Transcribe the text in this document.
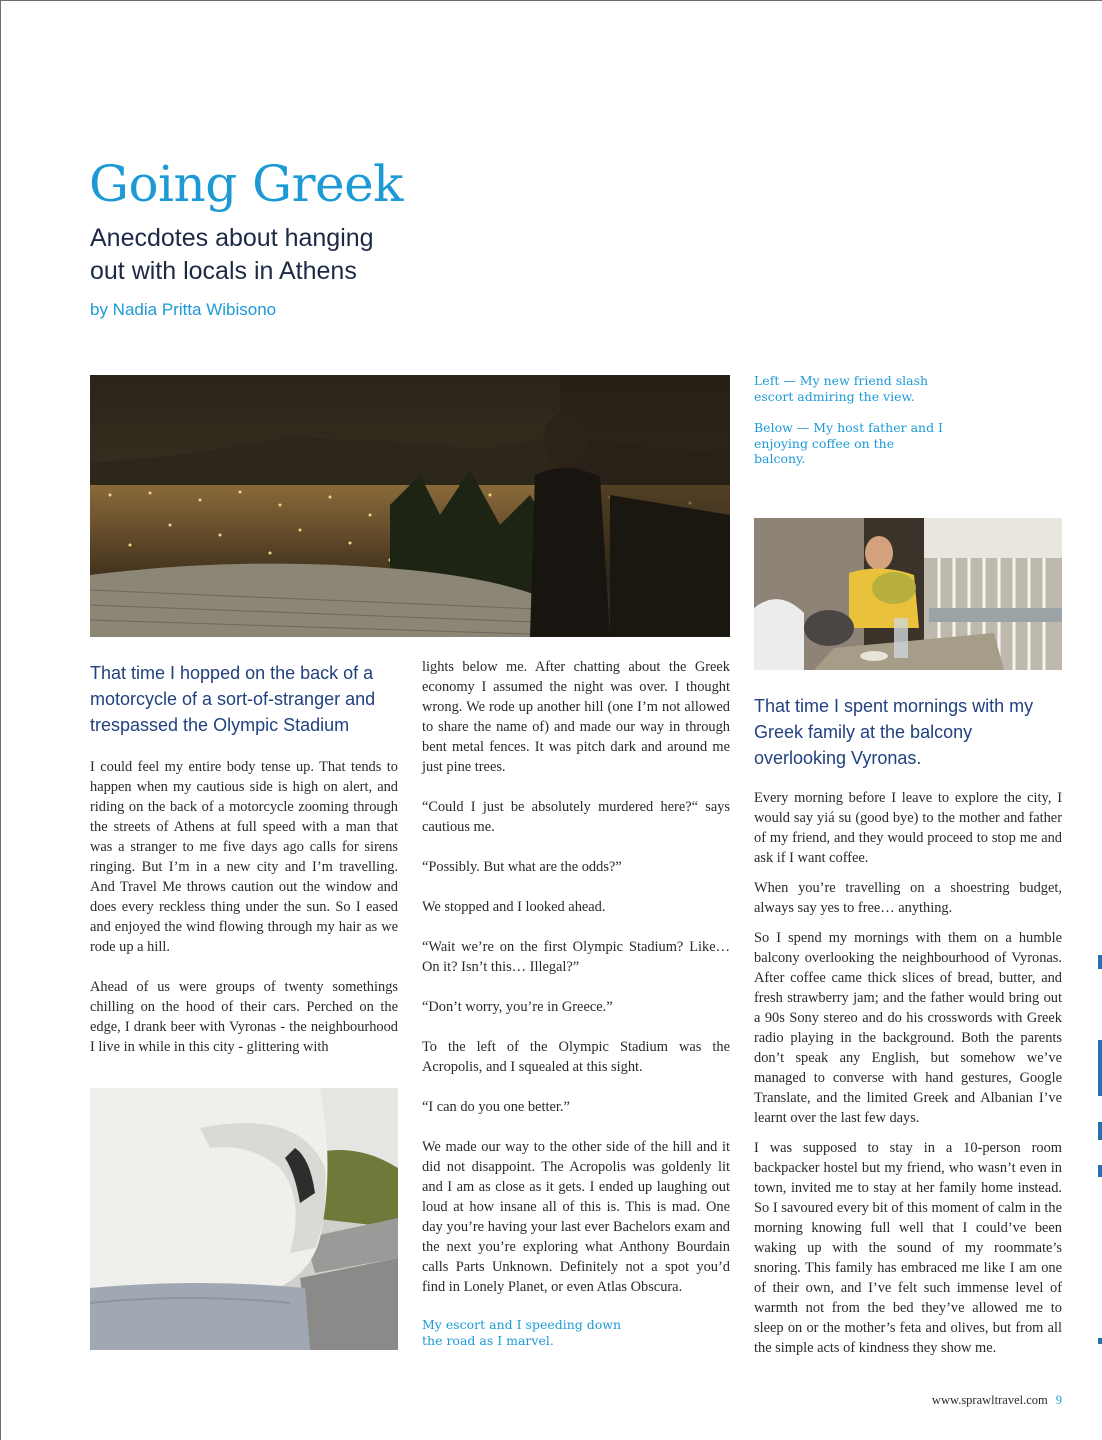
Going Greek
Anecdotes about hanging out with locals in Athens
by Nadia Pritta Wibisono

Left — My new friend slash escort admiring the view.

Below — My host father and I enjoying coffee on the balcony.

That time I hopped on the back of a motorcycle of a sort-of-stranger and trespassed the Olympic Stadium

I could feel my entire body tense up. That tends to happen when my cautious side is high on alert, and riding on the back of a motorcycle zooming through the streets of Athens at full speed with a man that was a stranger to me five days ago calls for sirens ringing. But I’m in a new city and I’m travelling. And Travel Me throws caution out the window and does every reckless thing under the sun. So I eased and enjoyed the wind flowing through my hair as we rode up a hill.

Ahead of us were groups of twenty somethings chilling on the hood of their cars. Perched on the edge, I drank beer with Vyronas - the neighbourhood I live in while in this city - glittering with

lights below me. After chatting about the Greek economy I assumed the night was over. I thought wrong. We rode up another hill (one I’m not allowed to share the name of) and made our way in through bent metal fences. It was pitch dark and around me just pine trees.

“Could I just be absolutely murdered here?“ says cautious me.

“Possibly. But what are the odds?”

We stopped and I looked ahead.

“Wait we’re on the first Olympic Stadium? Like… On it? Isn’t this… Illegal?”

“Don’t worry, you’re in Greece.”

To the left of the Olympic Stadium was the Acropolis, and I squealed at this sight.

“I can do you one better.”

We made our way to the other side of the hill and it did not disappoint. The Acropolis was goldenly lit and I am as close as it gets. I ended up laughing out loud at how insane all of this is. This is mad. One day you’re having your last ever Bachelors exam and the next you’re exploring what Anthony Bourdain calls Parts Unknown. Definitely not a spot you’d find in Lonely Planet, or even Atlas Obscura.

My escort and I speeding down the road as I marvel.

That time I spent mornings with my Greek family at the balcony overlooking Vyronas.

Every morning before I leave to explore the city, I would say yiá su (good bye) to the mother and father of my friend, and they would proceed to stop me and ask if I want coffee.

When you’re travelling on a shoestring budget, always say yes to free… anything.

So I spend my mornings with them on a humble balcony overlooking the neighbourhood of Vyronas. After coffee came thick slices of bread, butter, and fresh strawberry jam; and the father would bring out a 90s Sony stereo and do his crosswords with Greek radio playing in the background. Both the parents don’t speak any English, but somehow we’ve managed to converse with hand gestures, Google Translate, and the limited Greek and Albanian I’ve learnt over the last few days.

I was supposed to stay in a 10-person room backpacker hostel but my friend, who wasn’t even in town, invited me to stay at her family home instead. So I savoured every bit of this moment of calm in the morning knowing full well that I could’ve been waking up with the sound of my roommate’s snoring. This family has embraced me like I am one of their own, and I’ve felt such immense level of warmth not from the bed they’ve allowed me to sleep on or the mother’s feta and olives, but from all the simple acts of kindness they show me.

www.sprawltravel.com 9
